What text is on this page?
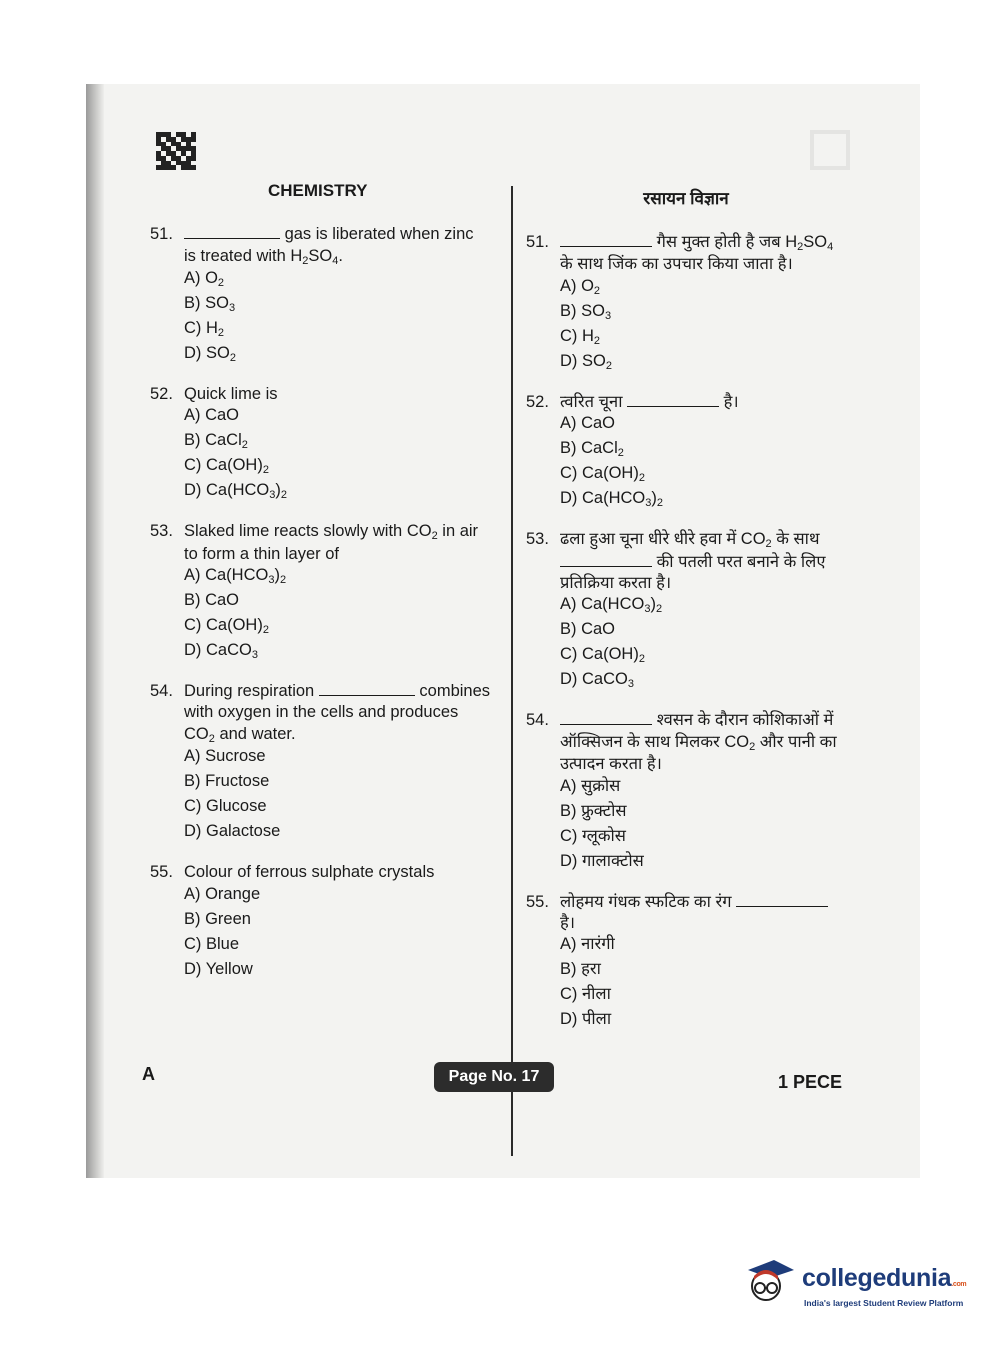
CHEMISTRY
51.	gas is liberated when zinc is treated with $H_2SO_4$.
A) $O_2$
B) $SO_3$
C) $H_2$
D) $SO_2$
52. Quick lime is
A) CaO
B) CaCl$_2$
C) $Ca(OH)_2$
D) $Ca(HCO_3)_2$
53. Slaked lime reacts slowly with $CO_2$ in air to form a thin layer of
A) $Ca(HCO_3)_2$
B) CaO
C) $Ca(OH)_2$
D) CaCO$_3$
54. During respiration	combines with oxygen in the cells and produces $CO_2$ and water.
A) Sucrose
B) Fructose
C) Glucose
D) Galactose
55. Colour of ferrous sulphate crystals
A) Orange
B) Green
C) Blue
D) Yellow
रसायन विज्ञान
51.	गैस मुक्त होती है जब $H_2SO_4$ के साथ जिंक का उपचार किया जाता है।
A) $O_2$
B) $SO_3$
C) $H_2$
D) $SO_2$
52. त्वरित चूना	है।
A) CaO
B) CaCl$_2$
C) $Ca(OH)_2$
D) $Ca(HCO_3)_2$
53. ढला हुआ चूना धीरे धीरे हवा में $CO_2$ के साथ  की पतली परत बनाने के लिए प्रतिक्रिया करता है।
A) $Ca(HCO_3)_2$
B) CaO
C) $Ca(OH)_2$
D) CaCO$_3$
54.	श्वसन के दौरान कोशिकाओं में ऑक्सिजन के साथ मिलकर $CO_2$ और पानी का उत्पादन करता है।
A) सुक्रोस
B) फ्रुक्टोस
C) ग्लूकोस
D) गालाक्टोस
55. लोहमय गंधक स्फटिक का रंग  है।
A) नारंगी
B) हरा
C) नीला
D) पीला
A	Page No. 17	1 PECE
collegedunia.com
India's largest Student Review Platform
